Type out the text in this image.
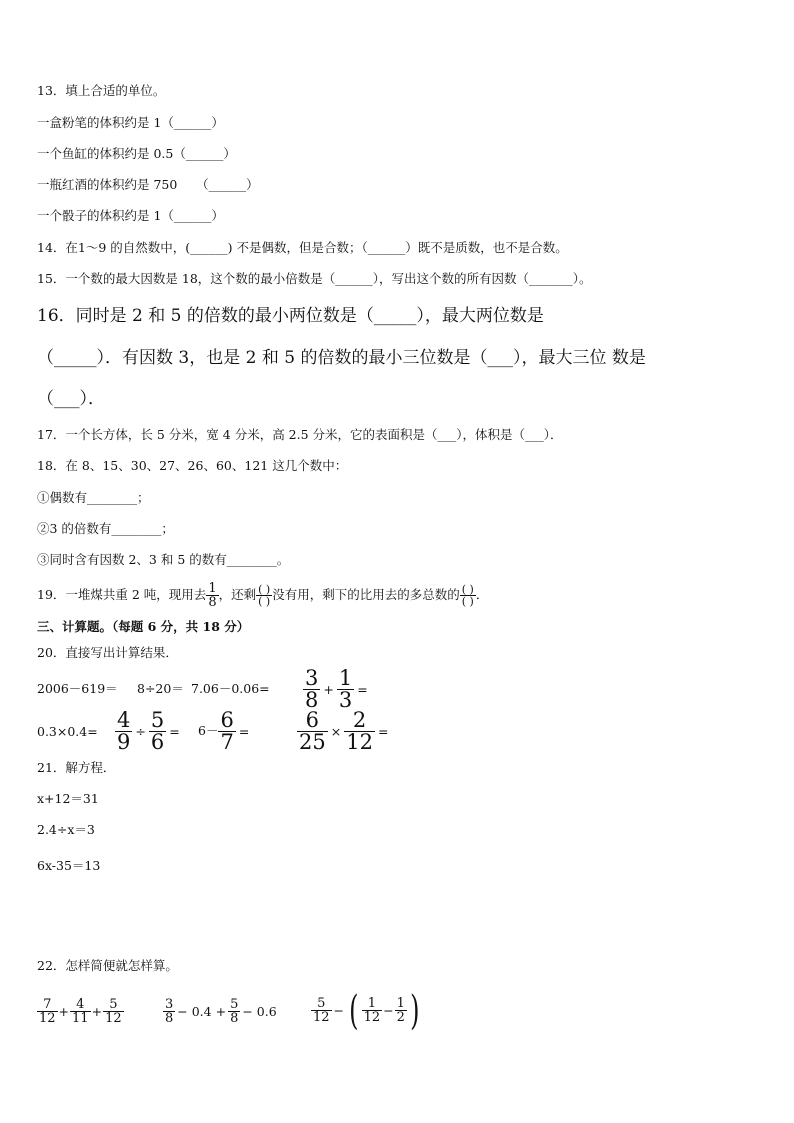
13．填上合适的单位。
一盒粉笔的体积约是 1（______）
一个鱼缸的体积约是 0.5（______）
一瓶红酒的体积约是 750　　（______）
一个骰子的体积约是 1（______）
14．在1～9 的自然数中，(______) 不是偶数，但是合数；（______）既不是质数，也不是合数。
15．一个数的最大因数是 18，这个数的最小倍数是（______），写出这个数的所有因数（_______）。
16．同时是 2 和 5 的倍数的最小两位数是（_____），最大两位数是
（_____）．有因数 3，也是 2 和 5 的倍数的最小三位数是（___），最大三位 数是
（___）．
17．一个长方体，长 5 分米，宽 4 分米，高 2.5 分米，它的表面积是（___），体积是（___）．
18．在 8、15、30、27、26、60、121 这几个数中：
①偶数有________；
②3 的倍数有________；
③同时含有因数 2、3 和 5 的数有________。
19．一堆煤共重 2 吨，现用去 $\frac{1}{8}$ ，还剩 $\frac{( )}{( )}$ 没有用，剩下的比用去的多总数的 $\frac{( )}{( )}$ ．
三、计算题。（每题 6 分，共 18 分）
20．直接写出计算结果．
$2006-619= 8\div 20= 7.06-0.06= \frac{3}{8} + \frac{1}{3}$ =
$0.3\times 0.4= \frac{4}{9} \div \frac{5}{6} = 6- \frac{6}{7} = \frac{6}{25} \times \frac{2}{12}$ =
21．解方程．
x+12＝31
2.4÷x＝3
6x-35＝13
22．怎样简便就怎样算。
$\frac{7}{12} + \frac{4}{11} + \frac{5}{12}$	$\frac{3}{8} - 0.4 + \frac{5}{8} - 0.6$	$\frac{5}{12}$ − ( $\frac{1}{12} - \frac{1}{2}$ )
